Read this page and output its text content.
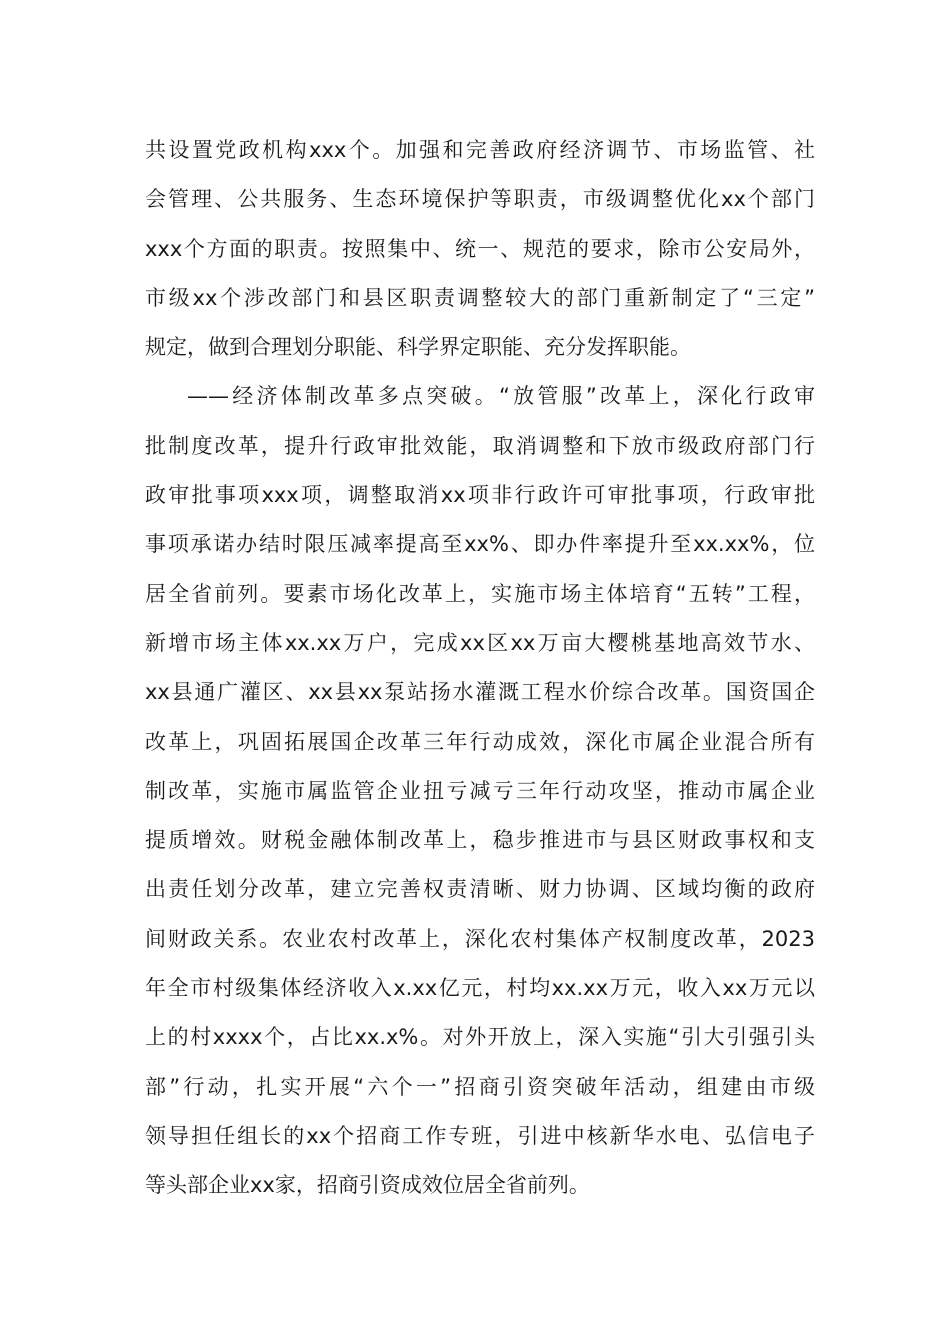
共设置党政机构xxx个。加强和完善政府经济调节、市场监管、社
会管理、公共服务、生态环境保护等职责，市级调整优化xx个部门
xxx个方面的职责。按照集中、统一、规范的要求，除市公安局外，
市级xx个涉改部门和县区职责调整较大的部门重新制定了“三定”
规定，做到合理划分职能、科学界定职能、充分发挥职能。
——经济体制改革多点突破。“放管服”改革上，深化行政审
批制度改革，提升行政审批效能，取消调整和下放市级政府部门行
政审批事项xxx项，调整取消xx项非行政许可审批事项，行政审批
事项承诺办结时限压减率提高至xx%、即办件率提升至xx.xx%，位
居全省前列。要素市场化改革上，实施市场主体培育“五转”工程，
新增市场主体xx.xx万户，完成xx区xx万亩大樱桃基地高效节水、
xx县通广灌区、xx县xx泵站扬水灌溉工程水价综合改革。国资国企
改革上，巩固拓展国企改革三年行动成效，深化市属企业混合所有
制改革，实施市属监管企业扭亏减亏三年行动攻坚，推动市属企业
提质增效。财税金融体制改革上，稳步推进市与县区财政事权和支
出责任划分改革，建立完善权责清晰、财力协调、区域均衡的政府
间财政关系。农业农村改革上，深化农村集体产权制度改革，2023
年全市村级集体经济收入x.xx亿元，村均xx.xx万元，收入xx万元以
上的村xxxx个，占比xx.x%。对外开放上，深入实施“引大引强引头
部”行动，扎实开展“六个一”招商引资突破年活动，组建由市级
领导担任组长的xx个招商工作专班，引进中核新华水电、弘信电子
等头部企业xx家，招商引资成效位居全省前列。
